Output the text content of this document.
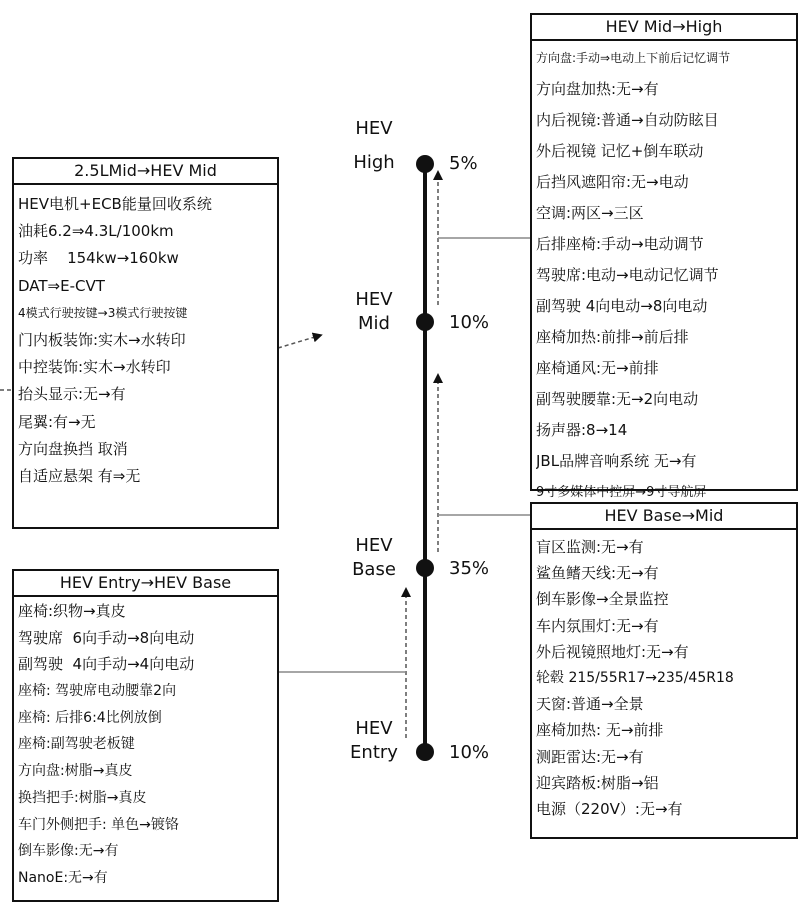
HEV
High	5%
HEV
Mid	10%
HEV
Base	35%
HEV
Entry	10%
HEV Mid→High
方向盘:手动⇒电动上下前后记忆调节
方向盘加热:无→有
内后视镜:普通→自动防眩目
外后视镜 记忆+倒车联动
后挡风遮阳帘:无→电动
空调:两区→三区
后排座椅:手动→电动调节
驾驶席:电动→电动记忆调节
副驾驶 4向电动→8向电动
座椅加热:前排→前后排
座椅通风:无→前排
副驾驶腰靠:无→2向电动
扬声器:8→14
JBL品牌音响系统 无→有
9寸多媒体中控屏→9寸导航屏
2.5LMid→HEV Mid
HEV电机+ECB能量回收系统
油耗6.2⇒4.3L/100km
功率    154kw→160kw
DAT⇒E-CVT
4模式行驶按键→3模式行驶按键
门内板装饰:实木→水转印
中控装饰:实木→水转印
抬头显示:无→有
尾翼:有→无
方向盘换挡 取消
自适应悬架 有⇒无
HEV Base→Mid
盲区监测:无→有
鲨鱼鳍天线:无→有
倒车影像→全景监控
车内氛围灯:无→有
外后视镜照地灯:无→有
轮毂 215/55R17→235/45R18
天窗:普通→全景
座椅加热: 无→前排
测距雷达:无→有
迎宾踏板:树脂→铝
电源（220V）:无→有
HEV Entry→HEV Base
座椅:织物→真皮
驾驶席  6向手动→8向电动
副驾驶  4向手动→4向电动
座椅: 驾驶席电动腰靠2向
座椅: 后排6:4比例放倒
座椅:副驾驶老板键
方向盘:树脂→真皮
换挡把手:树脂→真皮
车门外侧把手: 单色→镀铬
倒车影像:无→有
NanoE:无→有
